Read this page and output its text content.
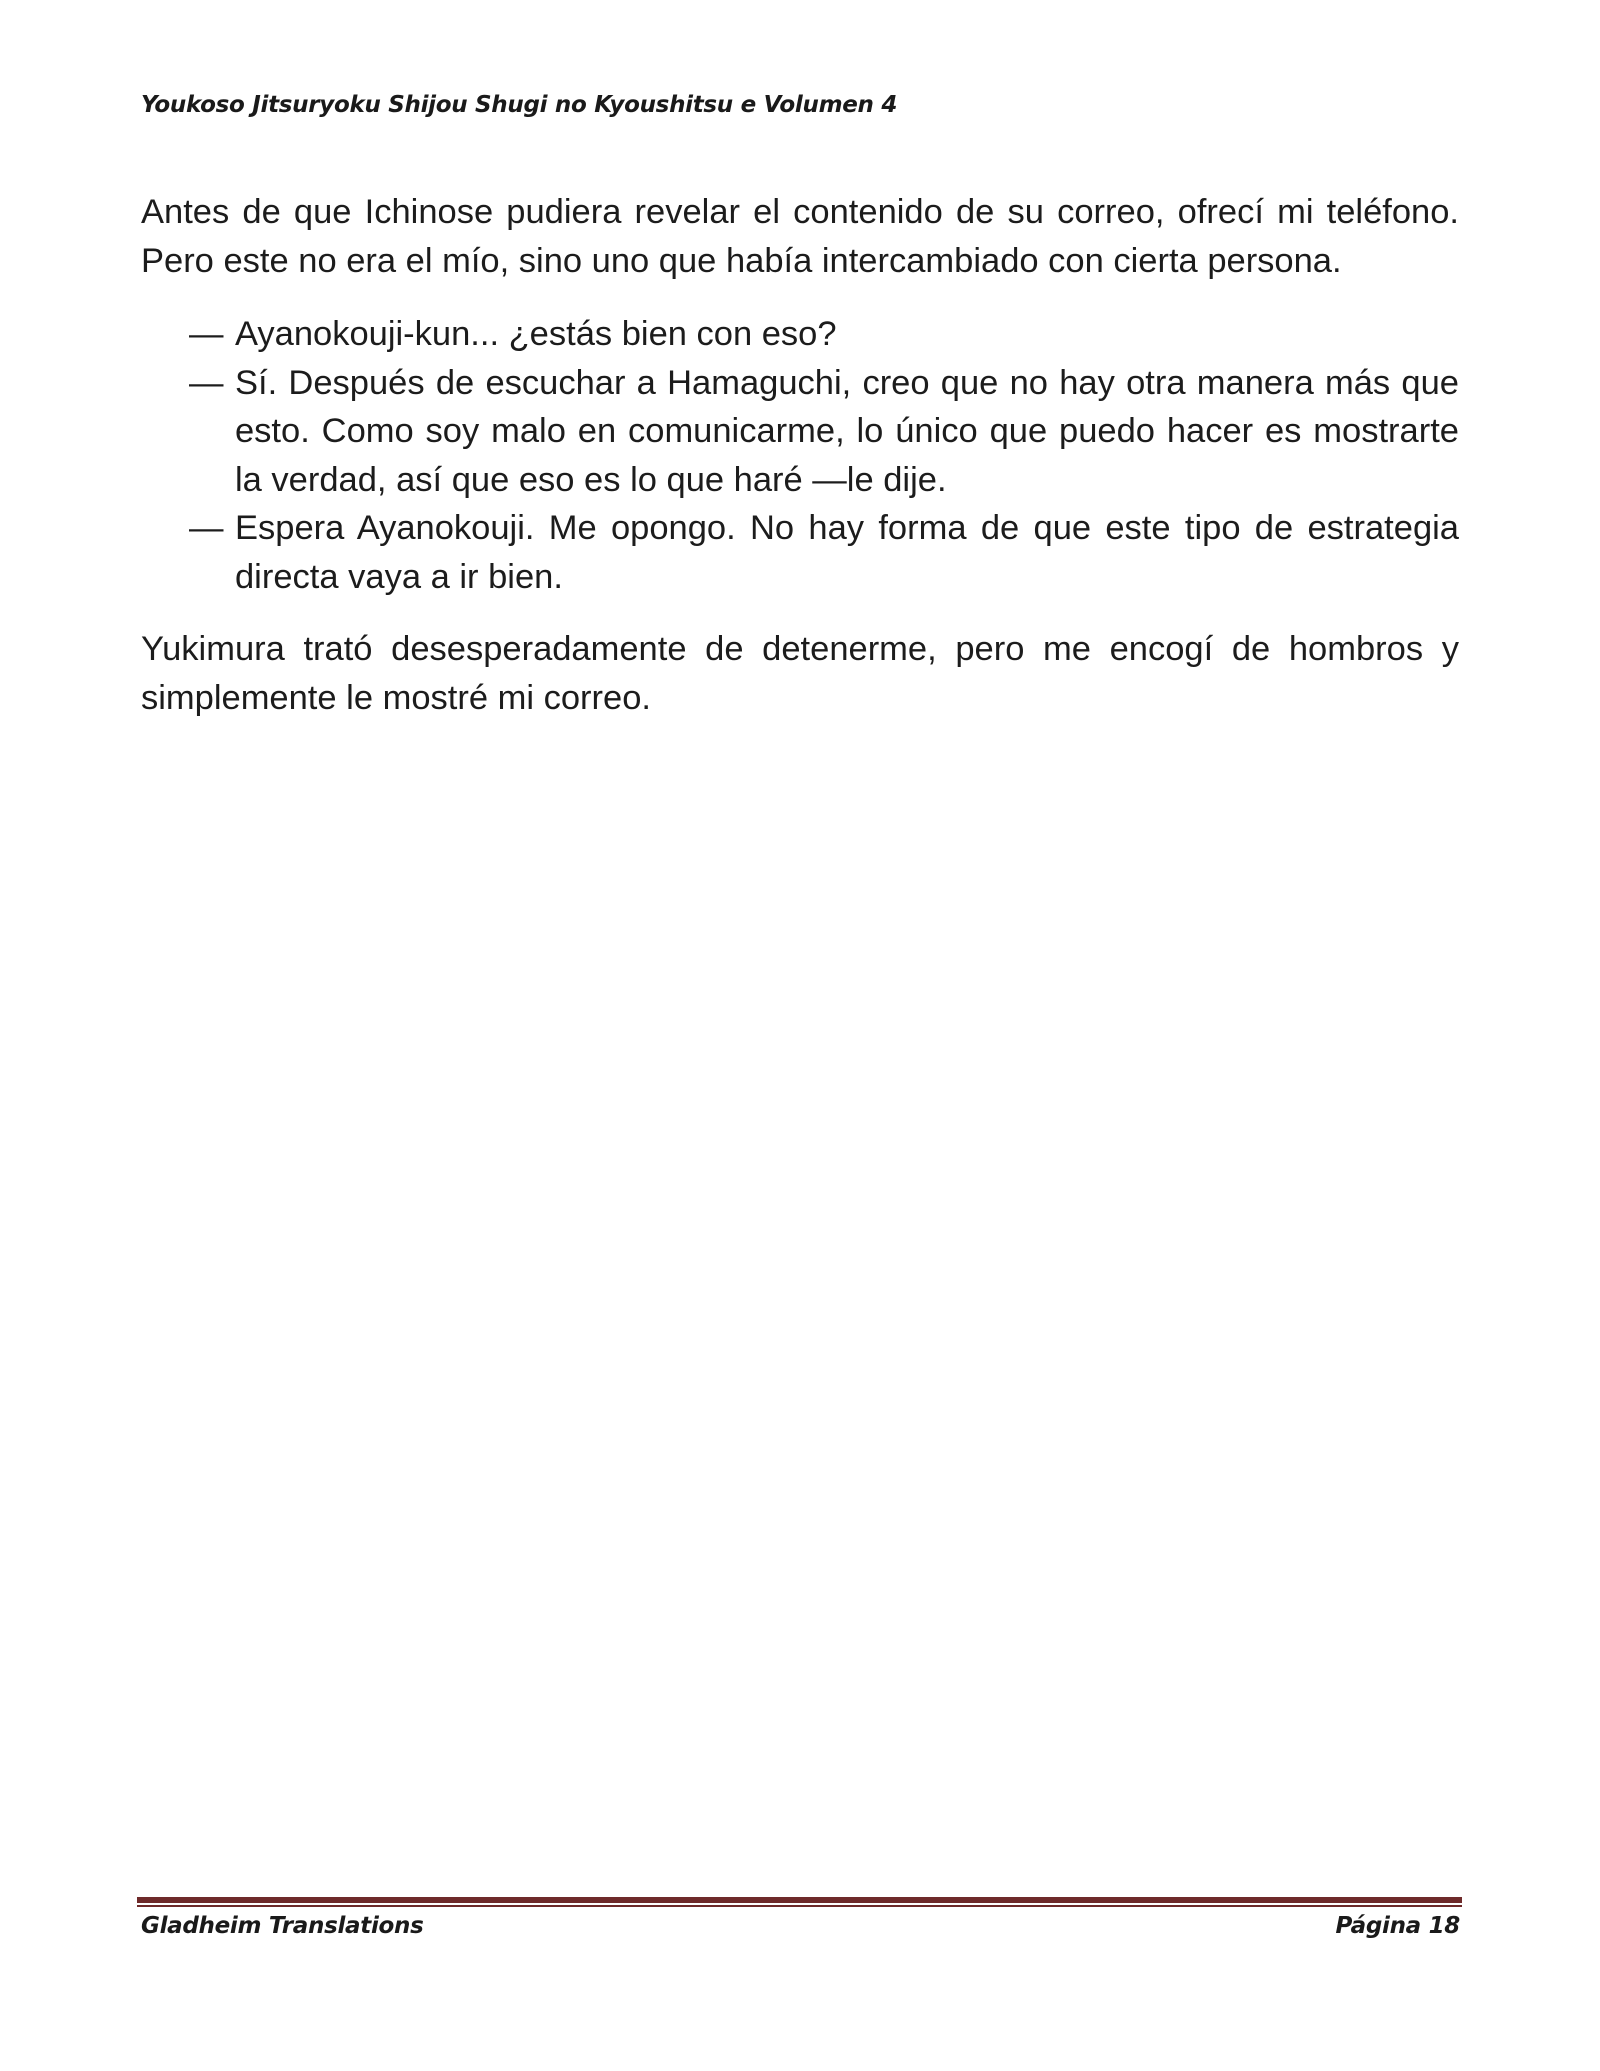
Youkoso Jitsuryoku Shijou Shugi no Kyoushitsu e Volumen 4

Antes de que Ichinose pudiera revelar el contenido de su correo, ofrecí mi teléfono. Pero este no era el mío, sino uno que había intercambiado con cierta persona.

— Ayanokouji-kun... ¿estás bien con eso?
— Sí. Después de escuchar a Hamaguchi, creo que no hay otra manera más que esto. Como soy malo en comunicarme, lo único que puedo hacer es mostrarte la verdad, así que eso es lo que haré —le dije.
— Espera Ayanokouji. Me opongo. No hay forma de que este tipo de estrategia directa vaya a ir bien.

Yukimura trató desesperadamente de detenerme, pero me encogí de hombros y simplemente le mostré mi correo.

Gladheim Translations	Página 18
